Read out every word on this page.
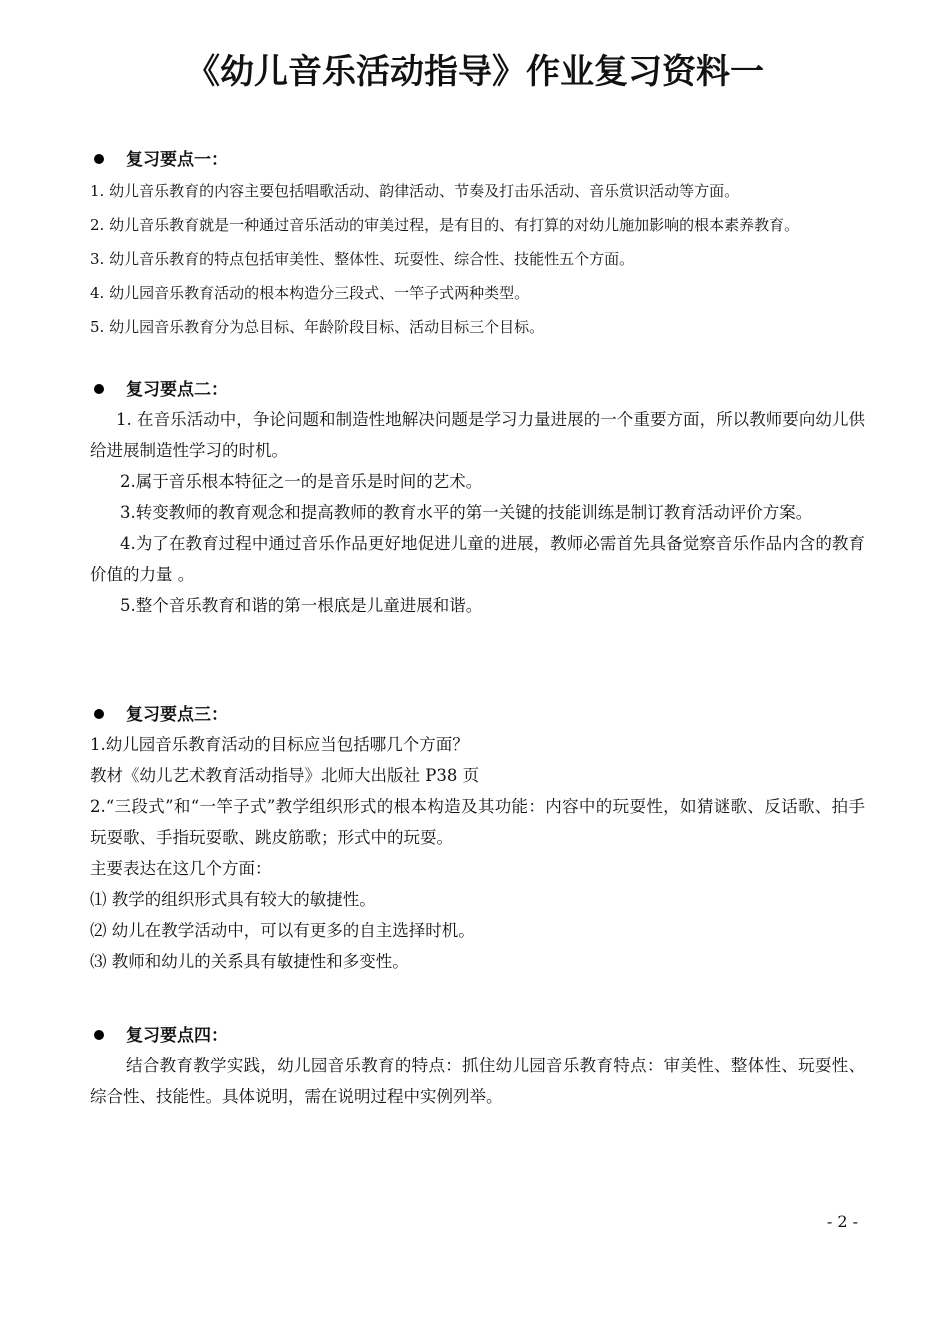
《幼儿音乐活动指导》作业复习资料一
复习要点一：
1. 幼儿音乐教育的内容主要包括唱歌活动、韵律活动、节奏及打击乐活动、音乐赏识活动等方面。
2. 幼儿音乐教育就是一种通过音乐活动的审美过程，是有目的、有打算的对幼儿施加影响的根本素养教育。
3. 幼儿音乐教育的特点包括审美性、整体性、玩耍性、综合性、技能性五个方面。
4. 幼儿园音乐教育活动的根本构造分三段式、一竿子式两种类型。
5. 幼儿园音乐教育分为总目标、年龄阶段目标、活动目标三个目标。
复习要点二：
1. 在音乐活动中，争论问题和制造性地解决问题是学习力量进展的一个重要方面，所以教师要向幼儿供给进展制造性学习的时机。
2.属于音乐根本特征之一的是音乐是时间的艺术。
3.转变教师的教育观念和提高教师的教育水平的第一关键的技能训练是制订教育活动评价方案。
4.为了在教育过程中通过音乐作品更好地促进儿童的进展，教师必需首先具备觉察音乐作品内含的教育价值的力量 。
5.整个音乐教育和谐的第一根底是儿童进展和谐。
复习要点三：
1.幼儿园音乐教育活动的目标应当包括哪几个方面？
教材《幼儿艺术教育活动指导》北师大出版社 P38 页
2.“三段式”和“一竿子式”教学组织形式的根本构造及其功能：内容中的玩耍性，如猜谜歌、反话歌、拍手玩耍歌、手指玩耍歌、跳皮筋歌；形式中的玩耍。
主要表达在这几个方面：
⑴ 教学的组织形式具有较大的敏捷性。
⑵ 幼儿在教学活动中，可以有更多的自主选择时机。
⑶ 教师和幼儿的关系具有敏捷性和多变性。
复习要点四：
结合教育教学实践，幼儿园音乐教育的特点：抓住幼儿园音乐教育特点：审美性、整体性、玩耍性、综合性、技能性。具体说明，需在说明过程中实例列举。
- 2 -
